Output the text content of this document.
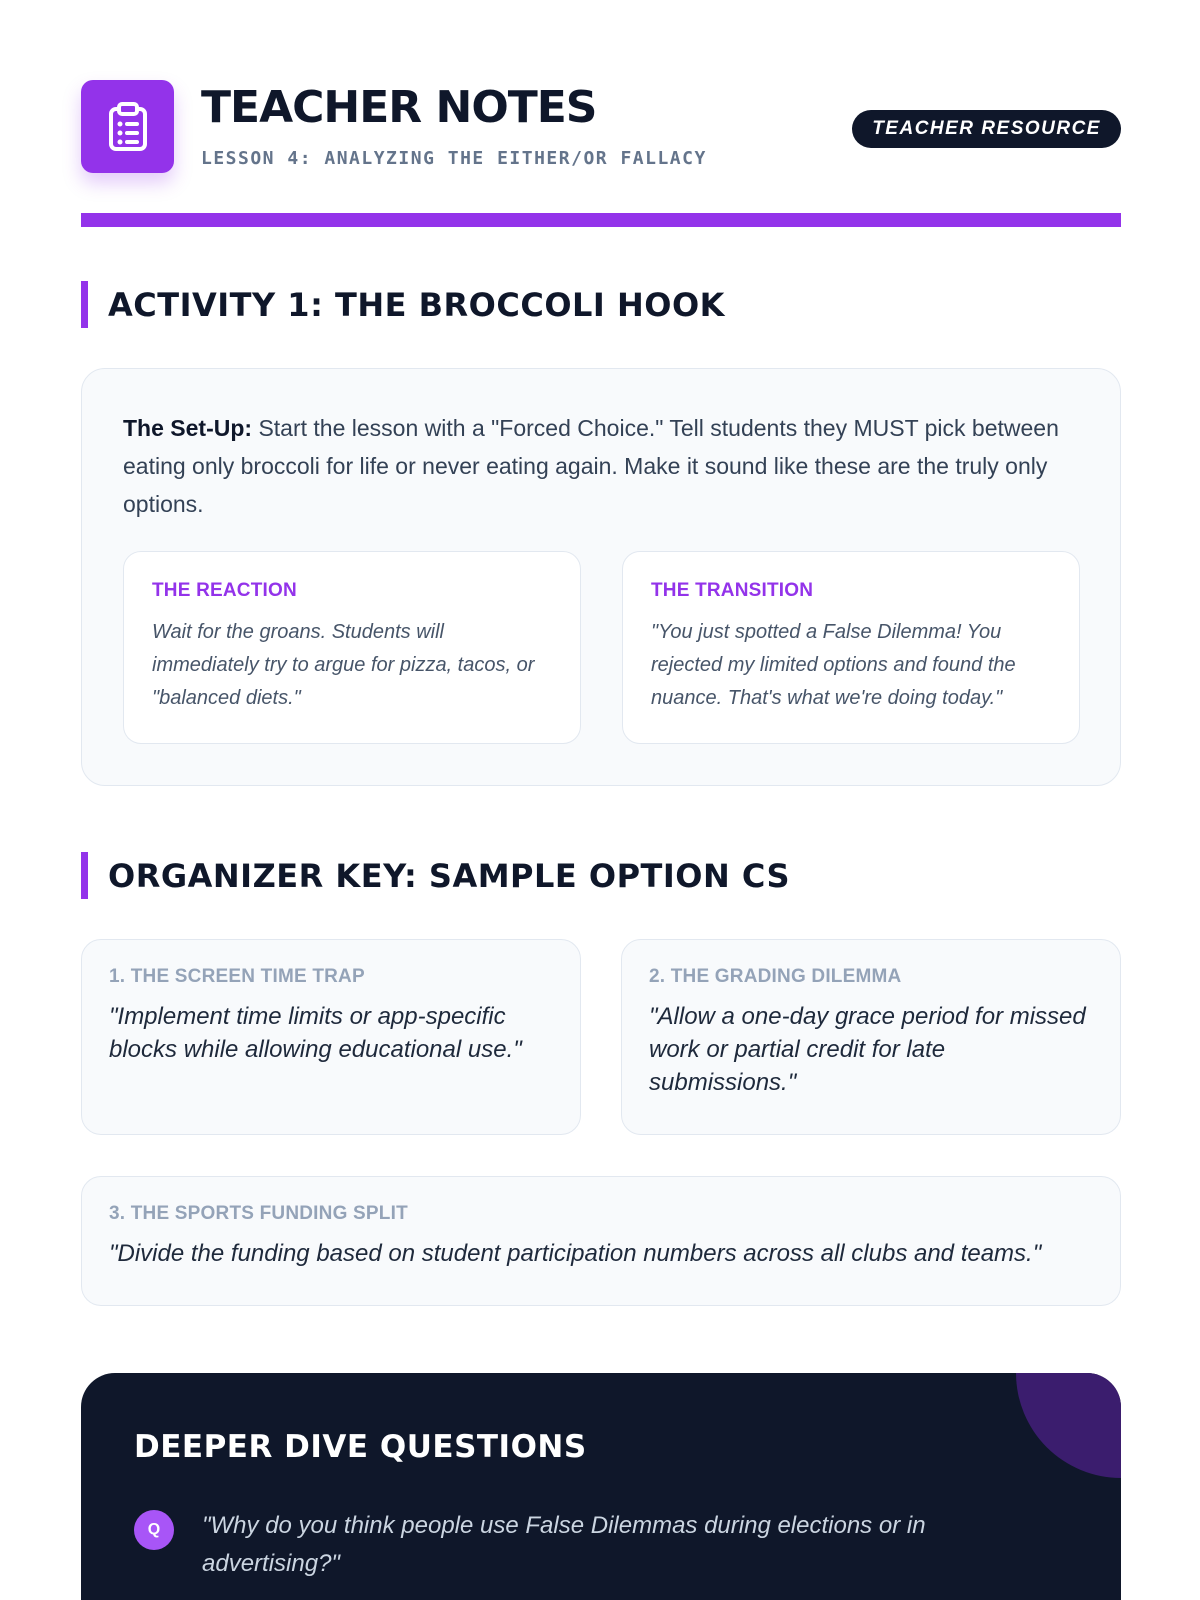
TEACHER NOTES
LESSON 4: ANALYZING THE EITHER/OR FALLACY
TEACHER RESOURCE
ACTIVITY 1: THE BROCCOLI HOOK

The Set-Up: Start the lesson with a "Forced Choice." Tell students they MUST pick between eating only broccoli for life or never eating again. Make it sound like these are the truly only options.

THE REACTION
Wait for the groans. Students will immediately try to argue for pizza, tacos, or "balanced diets."
THE TRANSITION
"You just spotted a False Dilemma! You rejected my limited options and found the nuance. That's what we're doing today."
ORGANIZER KEY: SAMPLE OPTION CS
1. THE SCREEN TIME TRAP
"Implement time limits or app-specific blocks while allowing educational use."
2. THE GRADING DILEMMA
"Allow a one-day grace period for missed work or partial credit for late submissions."
3. THE SPORTS FUNDING SPLIT
"Divide the funding based on student participation numbers across all clubs and teams."
DEEPER DIVE QUESTIONS
Q	"Why do you think people use False Dilemmas during elections or in advertising?"
